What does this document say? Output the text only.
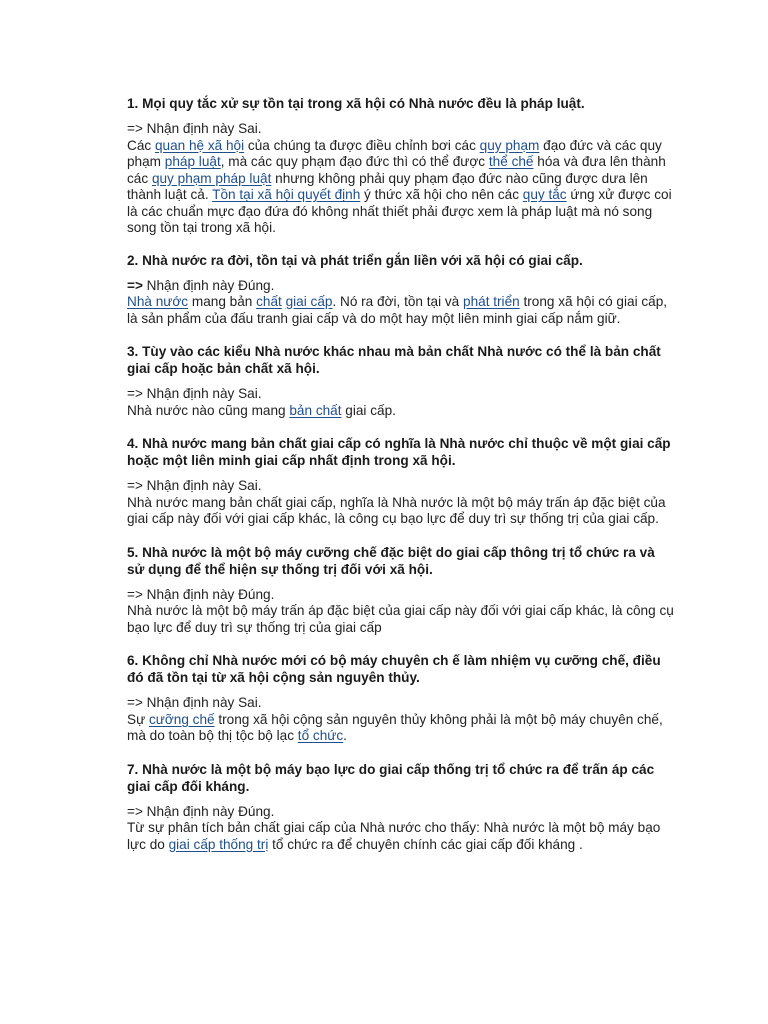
1. Mọi quy tắc xử sự tồn tại trong xã hội có Nhà nước đều là pháp luật.

=> Nhận định này Sai.

Các quan hệ xã hội của chúng ta được điều chỉnh bơi các quy phạm đạo đức và các quy phạm pháp luật, mà các quy phạm đạo đức thì có thể được thể chế hóa và đưa lên thành các quy phạm pháp luật nhưng không phải quy phạm đạo đức nào cũng được dưa lên thành luật cả. Tồn tại xã hội quyết định ý thức xã hội cho nên các quy tắc ứng xử được coi là các chuẩn mực đạo đứa đó không nhất thiết phải được xem là pháp luật mà nó song song tồn tại trong xã hội.

2. Nhà nước ra đời, tồn tại và phát triển gắn liền với xã hội có giai cấp.

=> Nhận định này Đúng.

Nhà nước mang bản chất giai cấp. Nó ra đời, tồn tại và phát triển trong xã hội có giai cấp, là sản phẩm của đấu tranh giai cấp và do một hay một liên minh giai cấp nắm giữ.

3. Tùy vào các kiểu Nhà nước khác nhau mà bản chất Nhà nước có thể là bản chất giai cấp hoặc bản chất xã hội.

=> Nhận định này Sai.

Nhà nước nào cũng mang bản chất giai cấp.

4. Nhà nước mang bản chất giai cấp có nghĩa là Nhà nước chỉ thuộc về một giai cấp hoặc một liên minh giai cấp nhất định trong xã hội.

=> Nhận định này Sai.

Nhà nước mang bản chất giai cấp, nghĩa là Nhà nước là một bộ máy trấn áp đặc biệt của giai cấp này đối với giai cấp khác, là công cụ bạo lực để duy trì sự thống trị của giai cấp.

5. Nhà nước là một bộ máy cưỡng chế đặc biệt do giai cấp thông trị tổ chức ra và sử dụng để thể hiện sự thống trị đối với xã hội.

=> Nhận định này Đúng.

Nhà nước là một bộ máy trấn áp đặc biệt của giai cấp này đối với giai cấp khác, là công cụ bạo lực để duy trì sự thống trị của giai cấp

6. Không chỉ Nhà nước mới có bộ máy chuyên ch ế làm nhiệm vụ cưỡng chế, điều đó đã tồn tại từ xã hội cộng sản nguyên thủy.

=> Nhận định này Sai.

Sự cưỡng chế trong xã hội cộng sản nguyên thủy không phải là một bộ máy chuyên chế, mà do toàn bộ thị tộc bộ lạc tổ chức.

7. Nhà nước là một bộ máy bạo lực do giai cấp thống trị tổ chức ra để trấn áp các giai cấp đối kháng.

=> Nhận định này Đúng.

Từ sự phân tích bản chất giai cấp của Nhà nước cho thấy: Nhà nước là một bộ máy bạo lực do giai cấp thống trị tổ chức ra để chuyên chính các giai cấp đối kháng .
